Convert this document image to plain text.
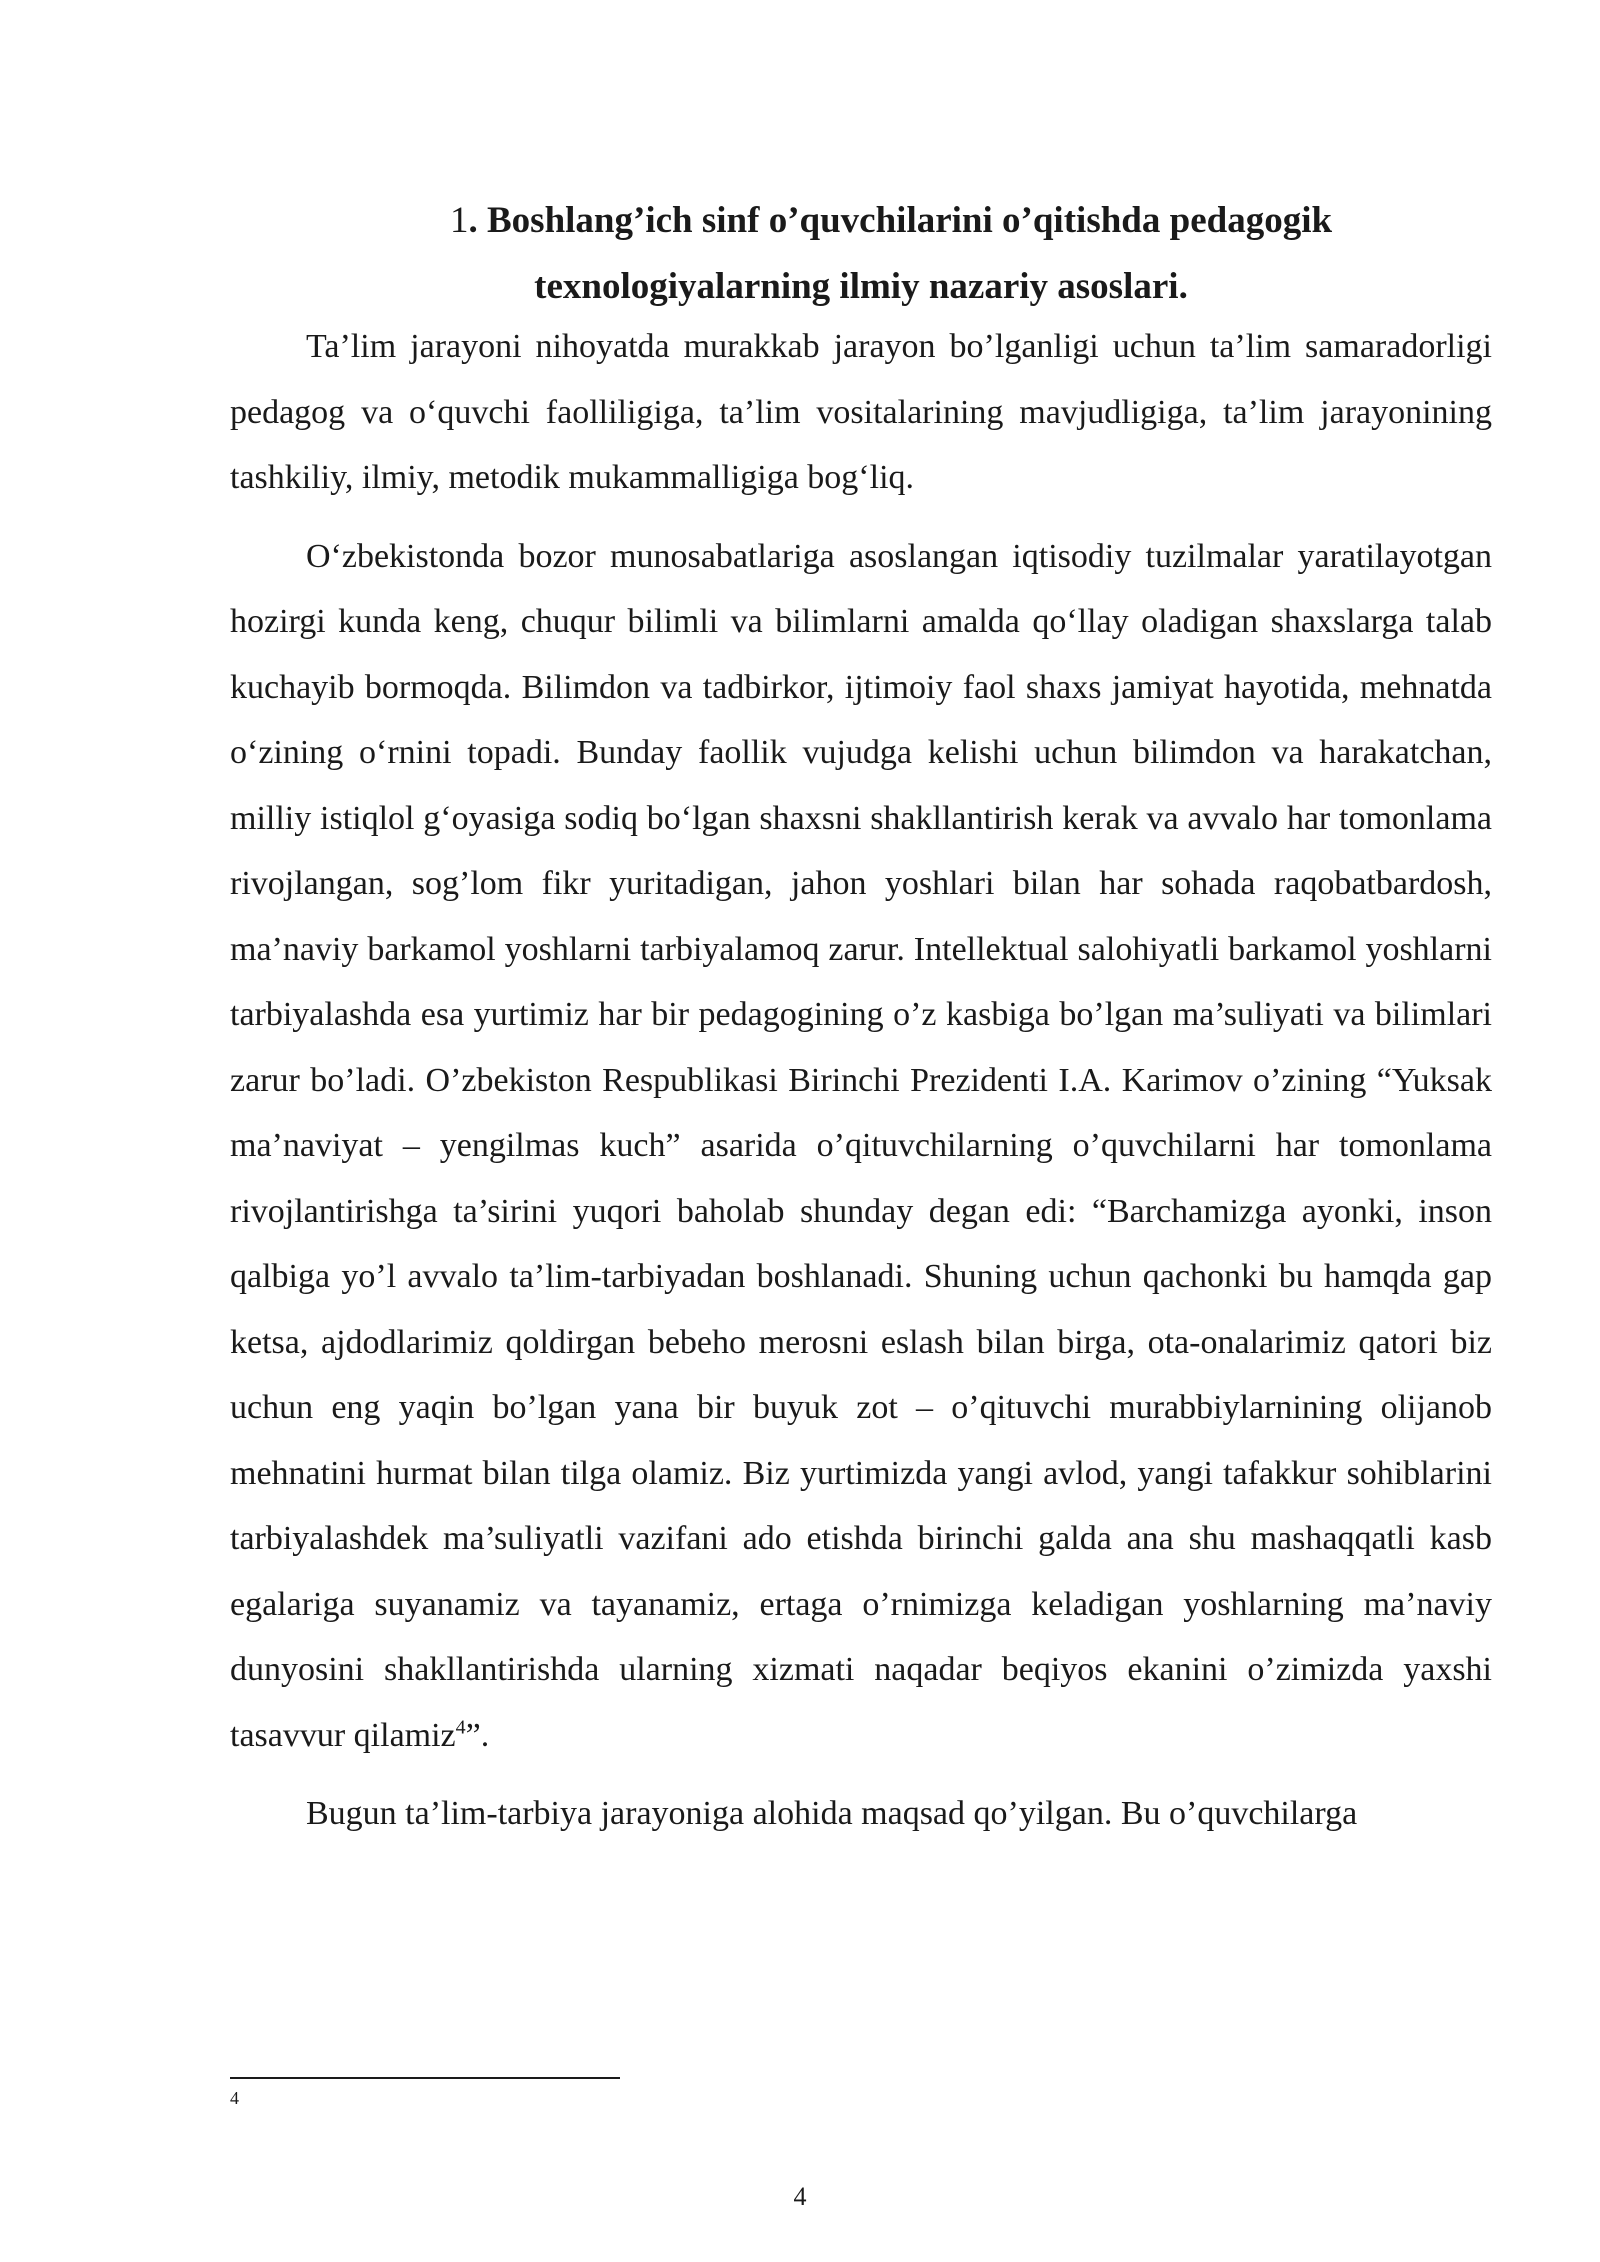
1. Boshlang’ich sinf o’quvchilarini o’qitishda pedagogik
texnologiyalarning ilmiy nazariy asoslari.

Ta’lim jarayoni nihoyatda murakkab jarayon bo’lganligi uchun ta’lim samaradorligi pedagog va o‘quvchi faolliligiga, ta’lim vositalarining mavjudligiga, ta’lim jarayonining tashkiliy, ilmiy, metodik mukammalligiga bog‘liq.

O‘zbekistonda bozor munosabatlariga asoslangan iqtisodiy tuzilmalar yaratilayotgan hozirgi kunda keng, chuqur bilimli va bilimlarni amalda qo‘llay oladigan shaxslarga talab kuchayib bormoqda. Bilimdon va tadbirkor, ijtimoiy faol shaxs jamiyat hayotida, mehnatda o‘zining o‘rnini topadi. Bunday faollik vujudga kelishi uchun bilimdon va harakatchan, milliy istiqlol g‘oyasiga sodiq bo‘lgan shaxsni shakllantirish kerak va avvalo har tomonlama rivojlangan, sog’lom fikr yuritadigan, jahon yoshlari bilan har sohada raqobatbardosh, ma’naviy barkamol yoshlarni tarbiyalamoq zarur. Intellektual salohiyatli barkamol yoshlarni tarbiyalashda esa yurtimiz har bir pedagogining o’z kasbiga bo’lgan ma’suliyati va bilimlari zarur bo’ladi. O’zbekiston Respublikasi Birinchi Prezidenti I.A. Karimov o’zining “Yuksak ma’naviyat – yengilmas kuch” asarida o’qituvchilarning o’quvchilarni har tomonlama rivojlantirishga ta’sirini yuqori baholab shunday degan edi: “Barchamizga ayonki, inson qalbiga yo’l avvalo ta’lim-tarbiyadan boshlanadi. Shuning uchun qachonki bu hamqda gap ketsa, ajdodlarimiz qoldirgan bebeho merosni eslash bilan birga, ota-onalarimiz qatori biz uchun eng yaqin bo’lgan yana bir buyuk zot – o’qituvchi murabbiylarnining olijanob mehnatini hurmat bilan tilga olamiz. Biz yurtimizda yangi avlod, yangi tafakkur sohiblarini tarbiyalashdek ma’suliyatli vazifani ado etishda birinchi galda ana shu mashaqqatli kasb egalariga suyanamiz va tayanamiz, ertaga o’rnimizga keladigan yoshlarning ma’naviy dunyosini shakllantirishda ularning xizmati naqadar beqiyos ekanini o’zimizda yaxshi tasavvur qilamiz$^4$”.

Bugun ta’lim-tarbiya jarayoniga alohida maqsad qo’yilgan. Bu o’quvchilarga

4
4
